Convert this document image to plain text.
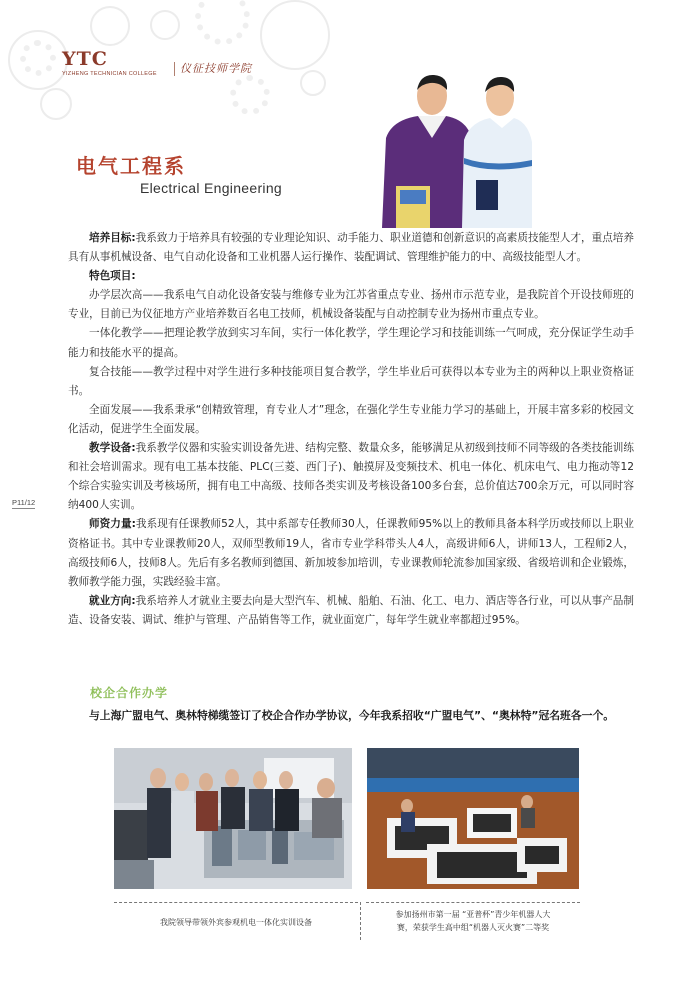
YTC
YIZHENG TECHNICIAN COLLEGE 仪征技师学院
电气工程系
Electrical Engineering

培养目标:我系致力于培养具有较强的专业理论知识、动手能力、职业道德和创新意识的高素质技能型人才，重点培养具有从事机械设备、电气自动化设备和工业机器人运行操作、装配调试、管理维护能力的中、高级技能型人才。

特色项目:

办学层次高——我系电气自动化设备安装与维修专业为江苏省重点专业、扬州市示范专业，是我院首个开设技师班的专业，目前已为仪征地方产业培养数百名电工技师，机械设备装配与自动控制专业为扬州市重点专业。

一体化教学——把理论教学放到实习车间，实行一体化教学，学生理论学习和技能训练一气呵成，充分保证学生动手能力和技能水平的提高。

复合技能——教学过程中对学生进行多种技能项目复合教学，学生毕业后可获得以本专业为主的两种以上职业资格证书。

全面发展——我系秉承“创精致管理，育专业人才”理念，在强化学生专业能力学习的基础上，开展丰富多彩的校园文化活动，促进学生全面发展。

教学设备:我系教学仪器和实验实训设备先进、结构完整、数量众多，能够满足从初级到技师不同等级的各类技能训练和社会培训需求。现有电工基本技能、PLC(三菱、西门子)、触摸屏及变频技术、机电一体化、机床电气、电力拖动等12个综合实验实训及考核场所，拥有电工中高级、技师各类实训及考核设备100多台套，总价值达700余万元，可以同时容纳400人实训。

师资力量:我系现有任课教师52人，其中系部专任教师30人，任课教师95%以上的教师具备本科学历或技师以上职业资格证书。其中专业课教师20人，双师型教师19人，省市专业学科带头人4人，高级讲师6人，讲师13人，工程师2人，高级技师6人，技师8人。先后有多名教师到德国、新加坡参加培训，专业课教师轮流参加国家级、省级培训和企业锻炼，教师教学能力强，实践经验丰富。

就业方向:我系培养人才就业主要去向是大型汽车、机械、船舶、石油、化工、电力、酒店等各行业，可以从事产品制造、设备安装、调试、维护与管理、产品销售等工作，就业面宽广，每年学生就业率都超过95%。

P11/12
校企合作办学
与上海广盟电气、奥林特梯缆签订了校企合作办学协议，今年我系招收“广盟电气”、“奥林特”冠名班各一个。
我院领导带领外宾参观机电一体化实训设备
参加扬州市第一届 “亚普杯”青少年机器人大
赛，荣获学生高中组“机器人灭火赛”二等奖
